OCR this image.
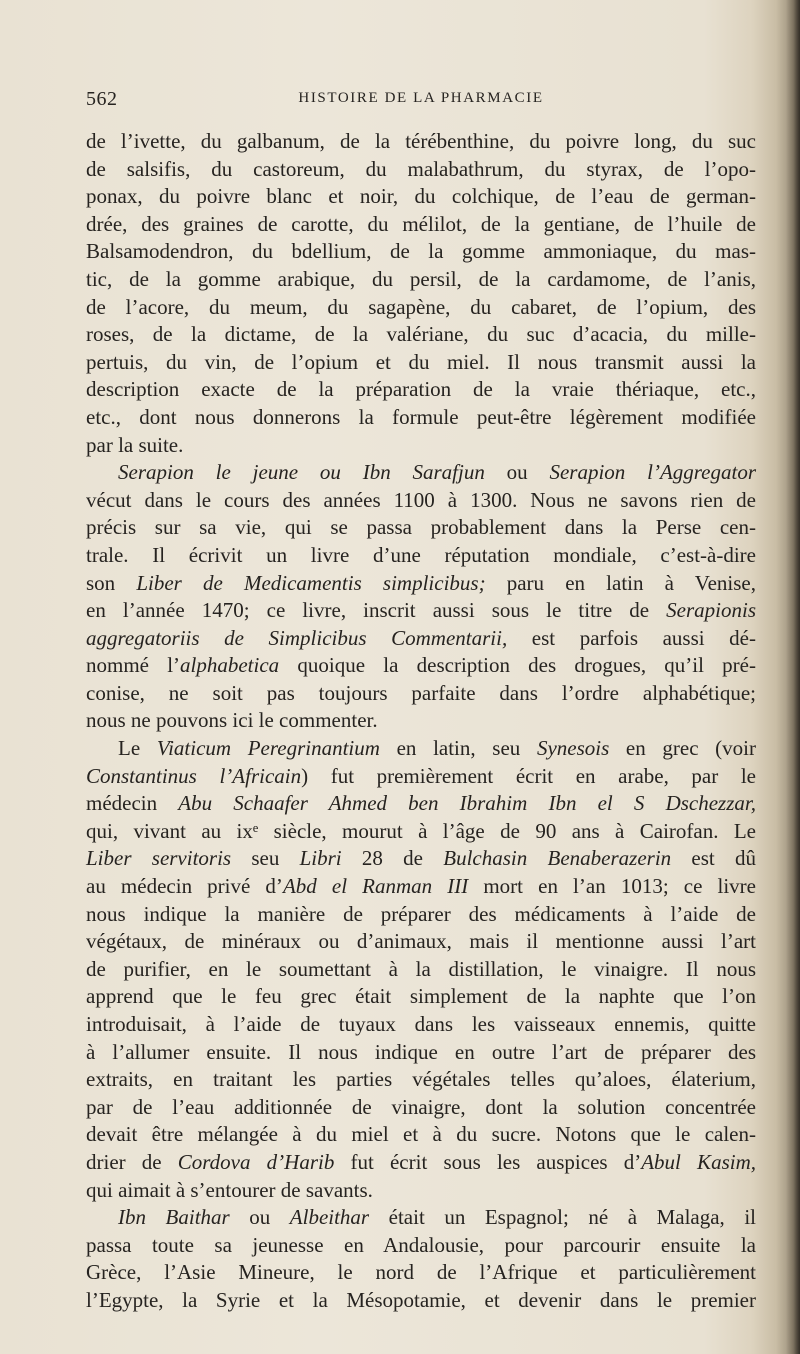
562	HISTOIRE DE LA PHARMACIE
de l’ivette, du galbanum, de la térébenthine, du poivre long, du suc
de salsifis, du castoreum, du malabathrum, du styrax, de l’opo-
ponax, du poivre blanc et noir, du colchique, de l’eau de german-
drée, des graines de carotte, du mélilot, de la gentiane, de l’huile de
Balsamodendron, du bdellium, de la gomme ammoniaque, du mas-
tic, de la gomme arabique, du persil, de la cardamome, de l’anis,
de l’acore, du meum, du sagapène, du cabaret, de l’opium, des
roses, de la dictame, de la valériane, du suc d’acacia, du mille-
pertuis, du vin, de l’opium et du miel. Il nous transmit aussi la
description exacte de la préparation de la vraie thériaque, etc.,
etc., dont nous donnerons la formule peut-être légèrement modifiée
par la suite.
Serapion le jeune ou Ibn Sarafjun ou Serapion l’Aggregator
vécut dans le cours des années 1100 à 1300. Nous ne savons rien de
précis sur sa vie, qui se passa probablement dans la Perse cen-
trale. Il écrivit un livre d’une réputation mondiale, c’est-à-dire
son Liber de Medicamentis simplicibus; paru en latin à Venise,
en l’année 1470; ce livre, inscrit aussi sous le titre de Serapionis
aggregatoriis de Simplicibus Commentarii, est parfois aussi dé-
nommé l’alphabetica quoique la description des drogues, qu’il pré-
conise, ne soit pas toujours parfaite dans l’ordre alphabétique;
nous ne pouvons ici le commenter.
Le Viaticum Peregrinantium en latin, seu Synesois en grec (voir
Constantinus l’Africain) fut premièrement écrit en arabe, par le
médecin Abu Schaafer Ahmed ben Ibrahim Ibn el S Dschezzar,
qui, vivant au ixᵉ siècle, mourut à l’âge de 90 ans à Cairofan. Le
Liber servitoris seu Libri 28 de Bulchasin Benaberazerin est dû
au médecin privé d’Abd el Ranman III mort en l’an 1013; ce livre
nous indique la manière de préparer des médicaments à l’aide de
végétaux, de minéraux ou d’animaux, mais il mentionne aussi l’art
de purifier, en le soumettant à la distillation, le vinaigre. Il nous
apprend que le feu grec était simplement de la naphte que l’on
introduisait, à l’aide de tuyaux dans les vaisseaux ennemis, quitte
à l’allumer ensuite. Il nous indique en outre l’art de préparer des
extraits, en traitant les parties végétales telles qu’aloes, élaterium,
par de l’eau additionnée de vinaigre, dont la solution concentrée
devait être mélangée à du miel et à du sucre. Notons que le calen-
drier de Cordova d’Harib fut écrit sous les auspices d’Abul Kasim,
qui aimait à s’entourer de savants.
Ibn Baithar ou Albeithar était un Espagnol; né à Malaga, il
passa toute sa jeunesse en Andalousie, pour parcourir ensuite la
Grèce, l’Asie Mineure, le nord de l’Afrique et particulièrement
l’Egypte, la Syrie et la Mésopotamie, et devenir dans le premier
